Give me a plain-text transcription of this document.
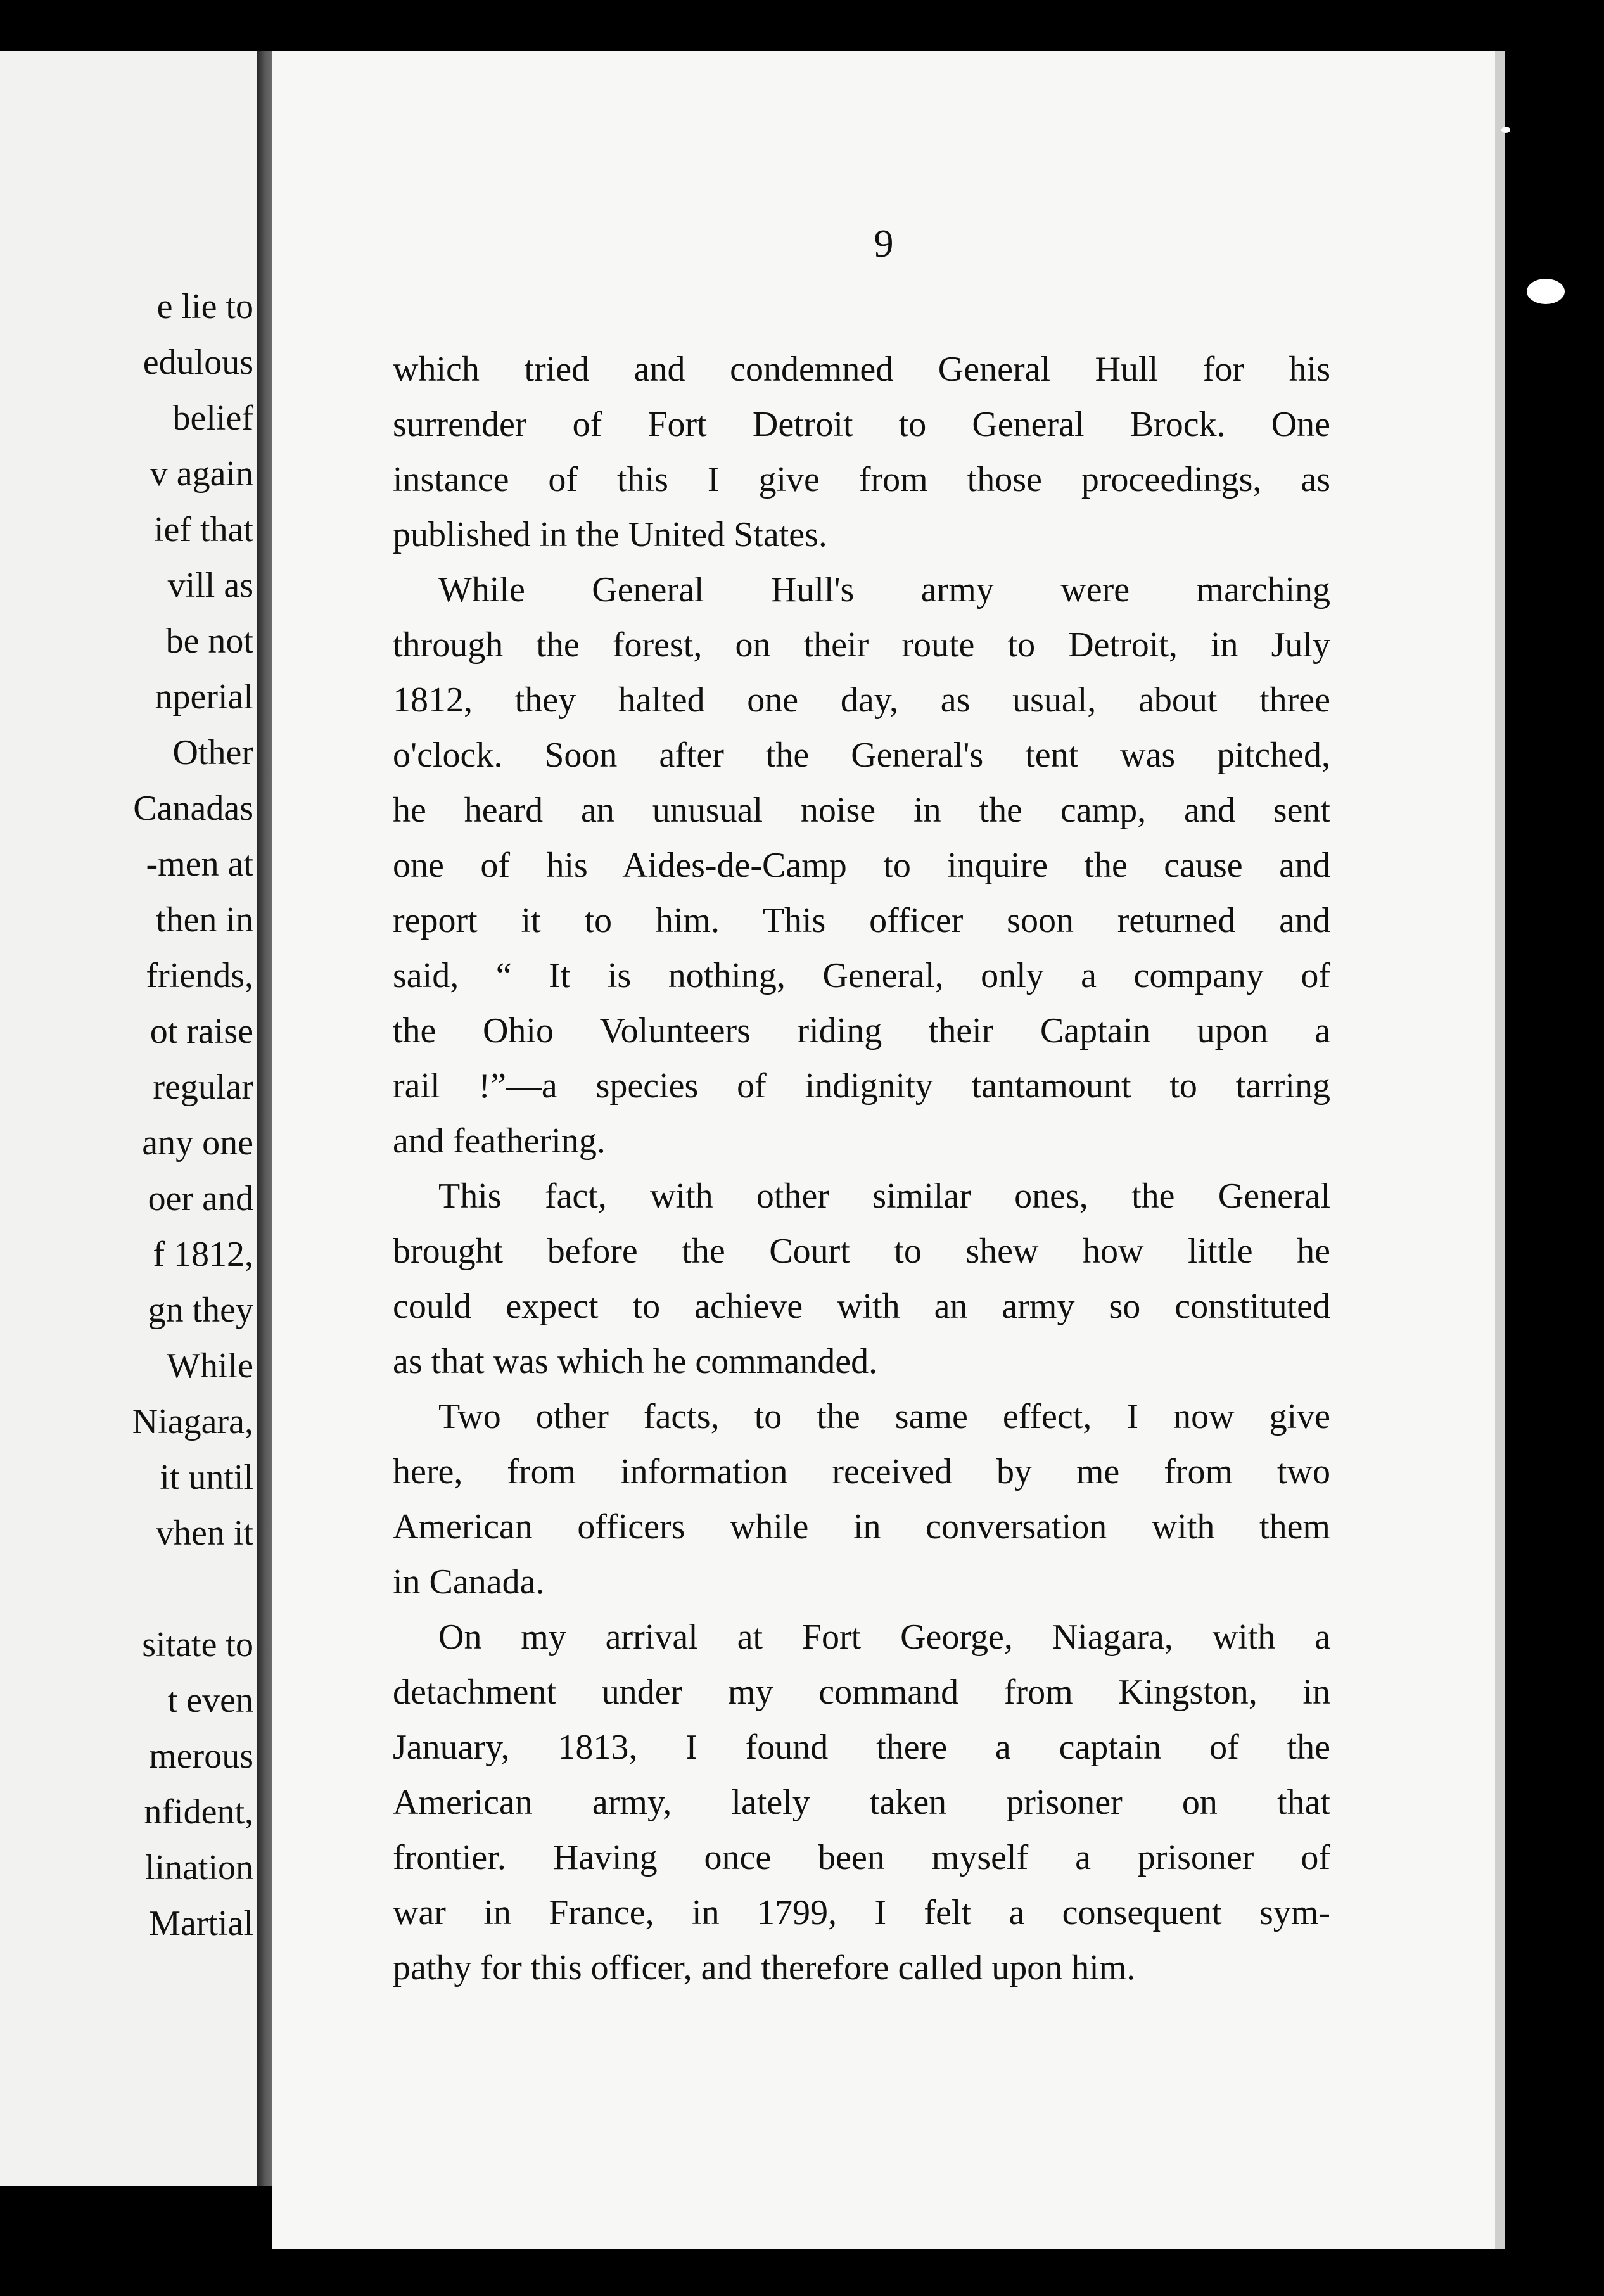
e lie to
edulous
belief
v again
ief that
vill as
be not
nperial
Other
Canadas
-men at
then in
friends,
ot raise
regular
any one
oer and
f 1812,
gn they
While
Niagara,
it until
vhen it

sitate to
t even
merous
nfident,
lination
Martial
9
which tried and condemned General Hull for his
surrender of Fort Detroit to General Brock. One
instance of this I give from those proceedings, as
published in the United States.
While General Hull's army were marching
through the forest, on their route to Detroit, in July
1812, they halted one day, as usual, about three
o'clock. Soon after the General's tent was pitched,
he heard an unusual noise in the camp, and sent
one of his Aides-de-Camp to inquire the cause and
report it to him. This officer soon returned and
said, “ It is nothing, General, only a company of
the Ohio Volunteers riding their Captain upon a
rail !”—a species of indignity tantamount to tarring
and feathering.
This fact, with other similar ones, the General
brought before the Court to shew how little he
could expect to achieve with an army so constituted
as that was which he commanded.
Two other facts, to the same effect, I now give
here, from information received by me from two
American officers while in conversation with them
in Canada.
On my arrival at Fort George, Niagara, with a
detachment under my command from Kingston, in
January, 1813, I found there a captain of the
American army, lately taken prisoner on that
frontier. Having once been myself a prisoner of
war in France, in 1799, I felt a consequent sym-
pathy for this officer, and therefore called upon him.
